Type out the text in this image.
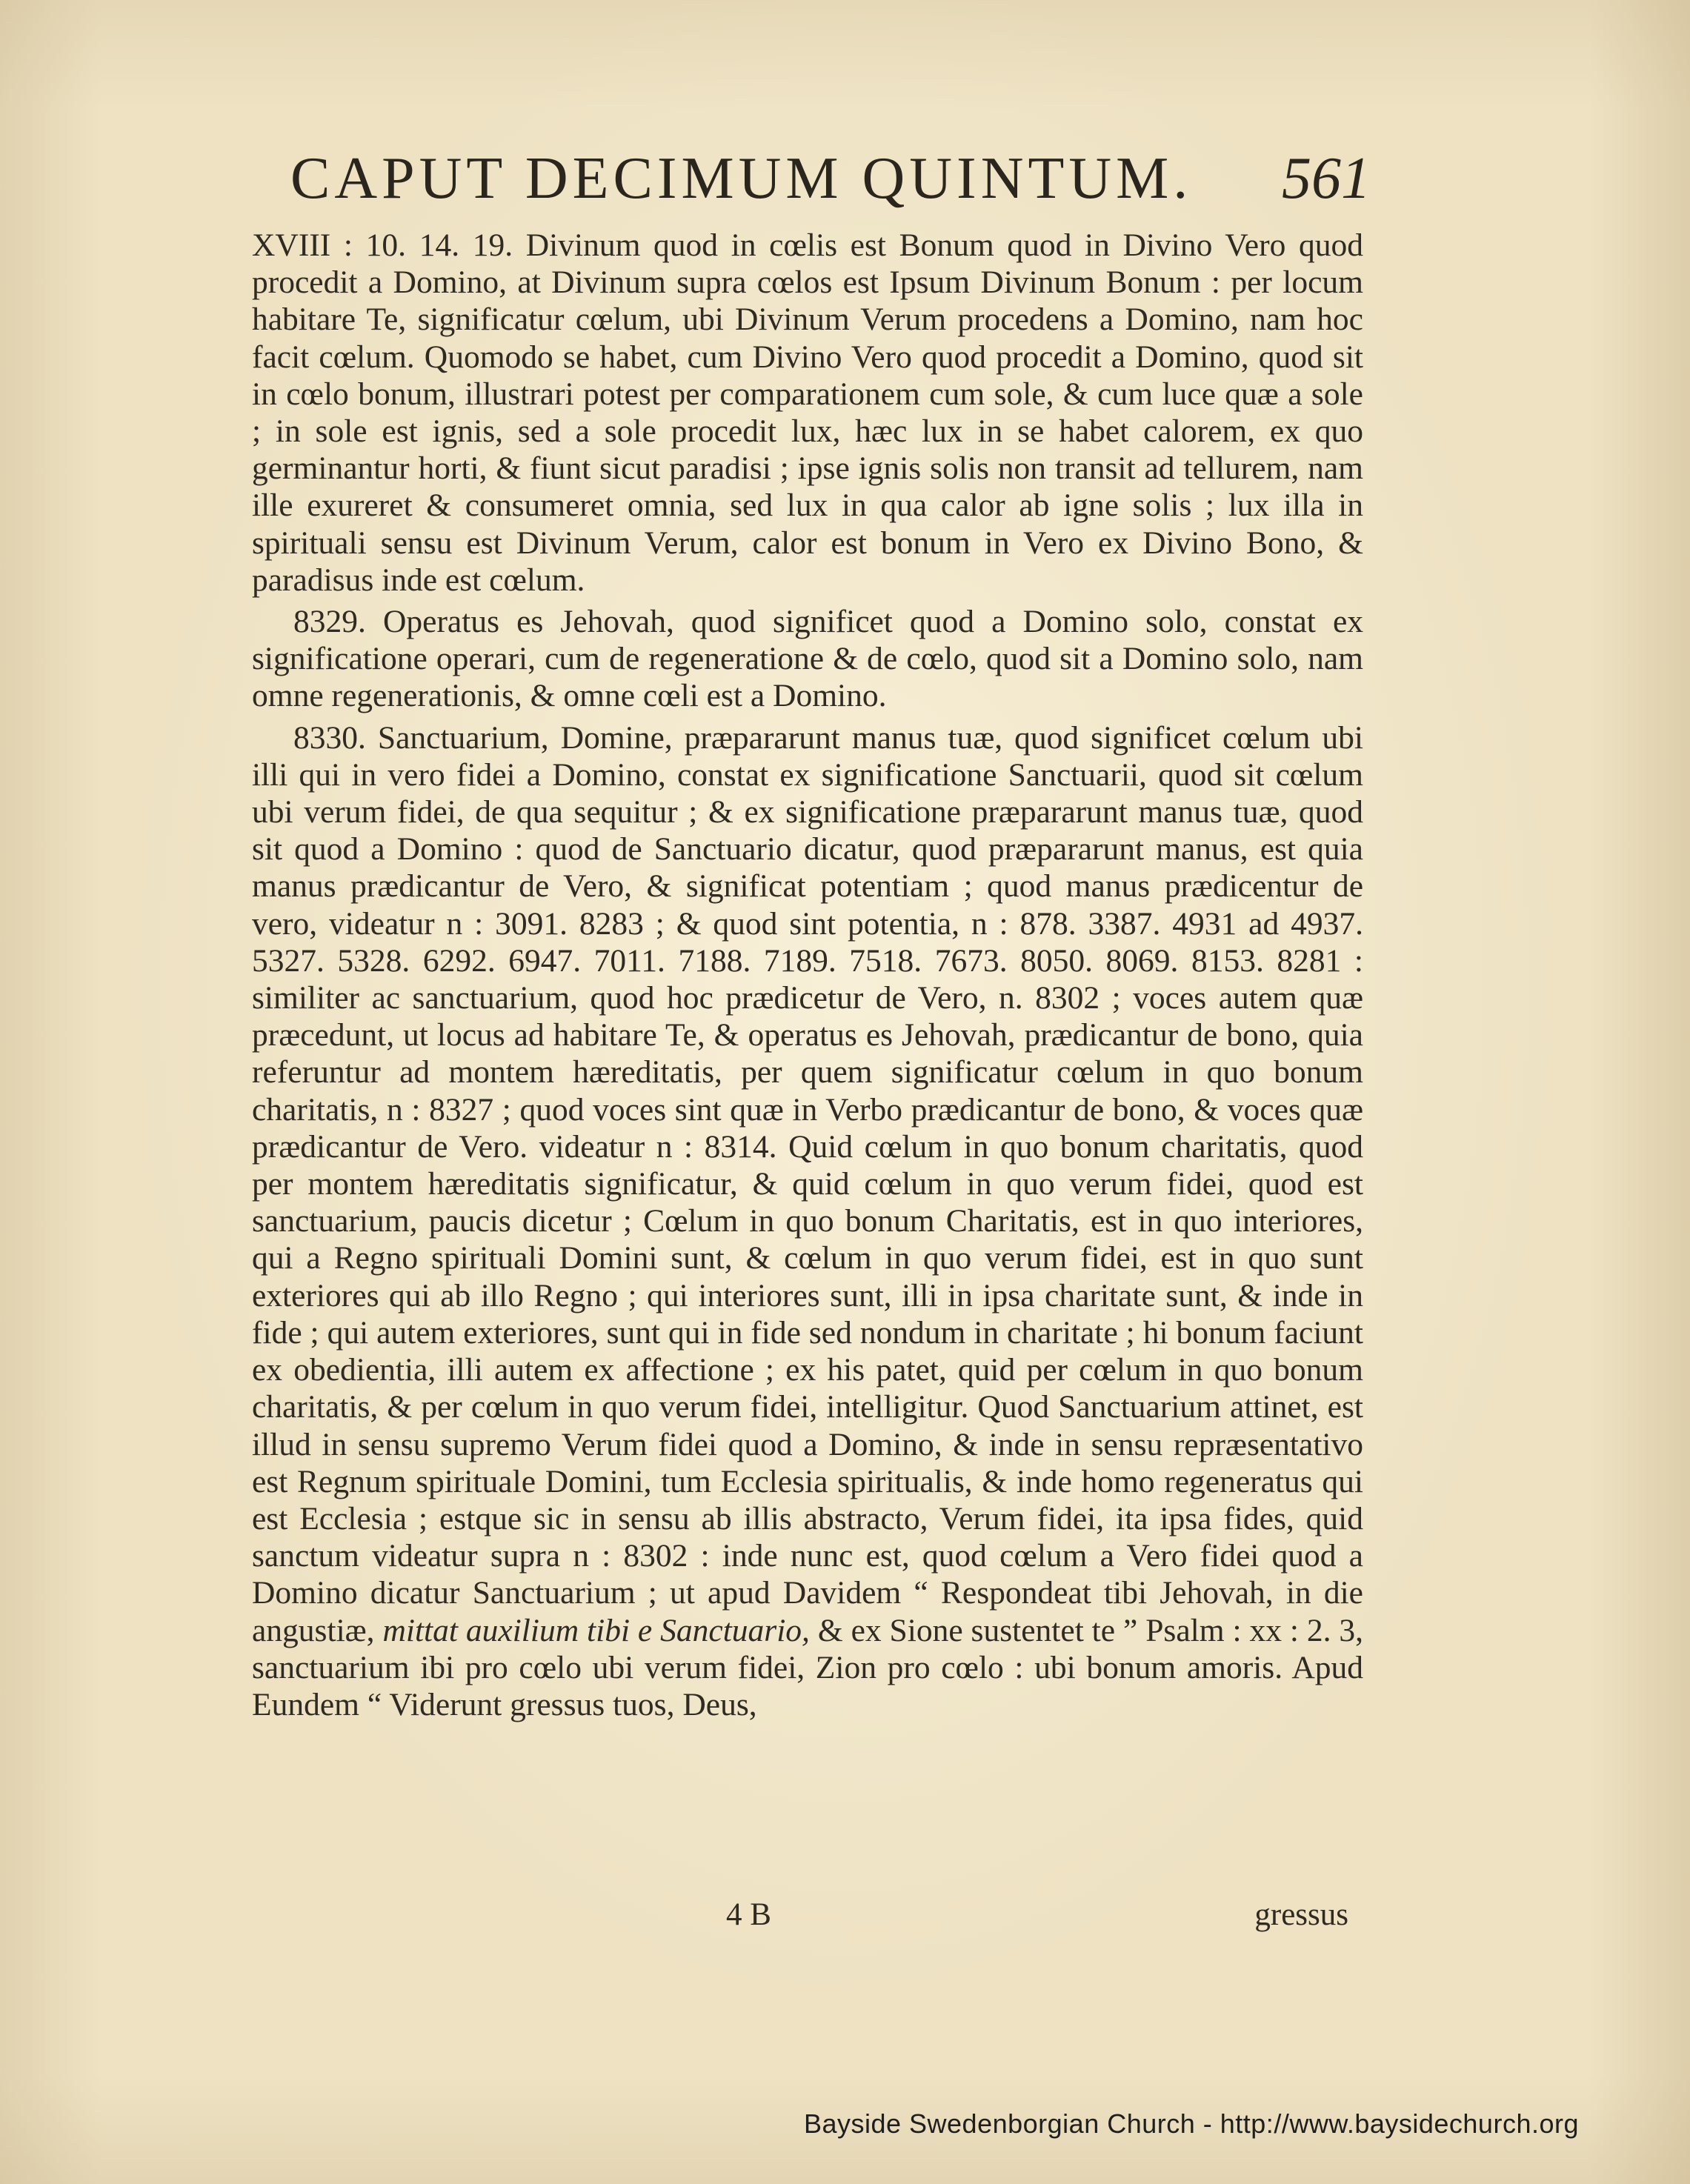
CAPUT DECIMUM QUINTUM. 561

XVIII : 10. 14. 19. Divinum quod in cœlis est Bonum quod in Divino Vero quod procedit a Domino, at Divinum supra cœlos est Ipsum Divinum Bonum : per locum habitare Te, significatur cœlum, ubi Divinum Verum procedens a Domino, nam hoc facit cœlum. Quomodo se habet, cum Divino Vero quod procedit a Domino, quod sit in cœlo bonum, illustrari potest per comparationem cum sole, & cum luce quæ a sole ; in sole est ignis, sed a sole procedit lux, hæc lux in se habet calorem, ex quo germinantur horti, & fiunt sicut paradisi ; ipse ignis solis non transit ad tellurem, nam ille exureret & consumeret omnia, sed lux in qua calor ab igne solis ; lux illa in spirituali sensu est Divinum Verum, calor est bonum in Vero ex Divino Bono, & paradisus inde est cœlum.

8329. Operatus es Jehovah, quod significet quod a Domino solo, constat ex significatione operari, cum de regeneratione & de cœlo, quod sit a Domino solo, nam omne regenerationis, & omne cœli est a Domino.

8330. Sanctuarium, Domine, præpararunt manus tuæ, quod significet cœlum ubi illi qui in vero fidei a Domino, constat ex significatione Sanctuarii, quod sit cœlum ubi verum fidei, de qua sequitur ; & ex significatione præpararunt manus tuæ, quod sit quod a Domino : quod de Sanctuario dicatur, quod præpararunt manus, est quia manus prædicantur de Vero, & significat potentiam ; quod manus prædicentur de vero, videatur n : 3091. 8283 ; & quod sint potentia, n : 878. 3387. 4931 ad 4937. 5327. 5328. 6292. 6947. 7011. 7188. 7189. 7518. 7673. 8050. 8069. 8153. 8281 : similiter ac sanctuarium, quod hoc prædicetur de Vero, n. 8302 ; voces autem quæ præcedunt, ut locus ad habitare Te, & operatus es Jehovah, prædicantur de bono, quia referuntur ad montem hæreditatis, per quem significatur cœlum in quo bonum charitatis, n : 8327 ; quod voces sint quæ in Verbo prædicantur de bono, & voces quæ prædicantur de Vero. videatur n : 8314. Quid cœlum in quo bonum charitatis, quod per montem hæreditatis significatur, & quid cœlum in quo verum fidei, quod est sanctuarium, paucis dicetur ; Cœlum in quo bonum Charitatis, est in quo interiores, qui a Regno spirituali Domini sunt, & cœlum in quo verum fidei, est in quo sunt exteriores qui ab illo Regno ; qui interiores sunt, illi in ipsa charitate sunt, & inde in fide ; qui autem exteriores, sunt qui in fide sed nondum in charitate ; hi bonum faciunt ex obedientia, illi autem ex affectione ; ex his patet, quid per cœlum in quo bonum charitatis, & per cœlum in quo verum fidei, intelligitur. Quod Sanctuarium attinet, est illud in sensu supremo Verum fidei quod a Domino, & inde in sensu repræsentativo est Regnum spirituale Domini, tum Ecclesia spiritualis, & inde homo regeneratus qui est Ecclesia ; estque sic in sensu ab illis abstracto, Verum fidei, ita ipsa fides, quid sanctum videatur supra n : 8302 : inde nunc est, quod cœlum a Vero fidei quod a Domino dicatur Sanctuarium ; ut apud Davidem “ Respondeat tibi Jehovah, in die angustiæ, mittat auxilium tibi e Sanctuario, & ex Sione sustentet te ” Psalm : xx : 2. 3, sanctuarium ibi pro cœlo ubi verum fidei, Zion pro cœlo : ubi bonum amoris. Apud Eundem “ Viderunt gressus tuos, Deus,

4 B	gressus
Bayside Swedenborgian Church - http://www.baysidechurch.org
